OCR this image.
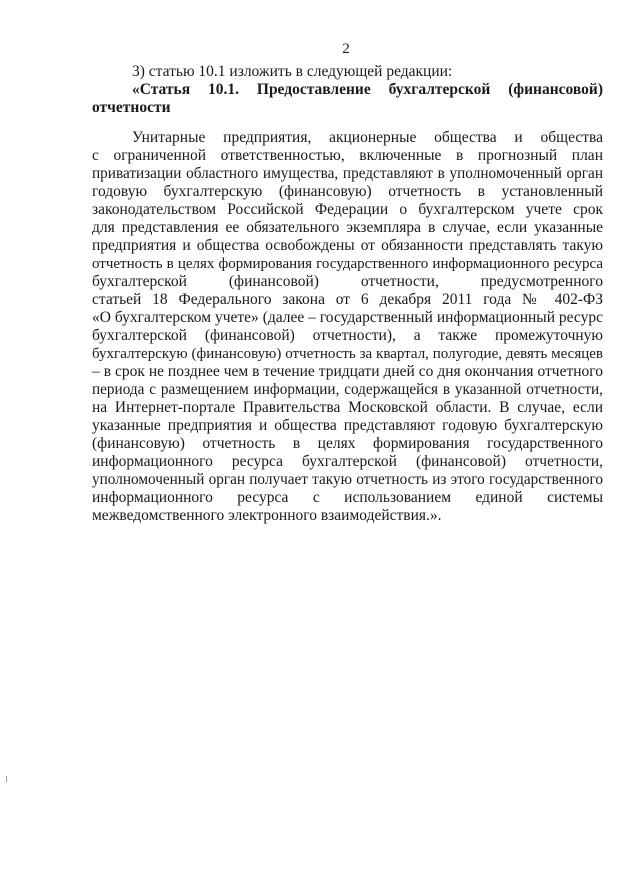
2
3) статью 10.1 изложить в следующей редакции:
«Статья 10.1. Предоставление бухгалтерской (финансовой)
отчетности
Унитарные предприятия, акционерные общества и общества
с ограниченной ответственностью, включенные в прогнозный план
приватизации областного имущества, представляют в уполномоченный орган
годовую бухгалтерскую (финансовую) отчетность в установленный
законодательством Российской Федерации о бухгалтерском учете срок
для представления ее обязательного экземпляра в случае, если указанные
предприятия и общества освобождены от обязанности представлять такую
отчетность в целях формирования государственного информационного ресурса
бухгалтерской (финансовой) отчетности, предусмотренного
статьей 18 Федерального закона от 6 декабря 2011 года № 402-ФЗ
«О бухгалтерском учете» (далее – государственный информационный ресурс
бухгалтерской (финансовой) отчетности), а также промежуточную
бухгалтерскую (финансовую) отчетность за квартал, полугодие, девять месяцев
– в срок не позднее чем в течение тридцати дней со дня окончания отчетного
периода с размещением информации, содержащейся в указанной отчетности,
на Интернет-портале Правительства Московской области. В случае, если
указанные предприятия и общества представляют годовую бухгалтерскую
(финансовую) отчетность в целях формирования государственного
информационного ресурса бухгалтерской (финансовой) отчетности,
уполномоченный орган получает такую отчетность из этого государственного
информационного ресурса с использованием единой системы
межведомственного электронного взаимодействия.».
